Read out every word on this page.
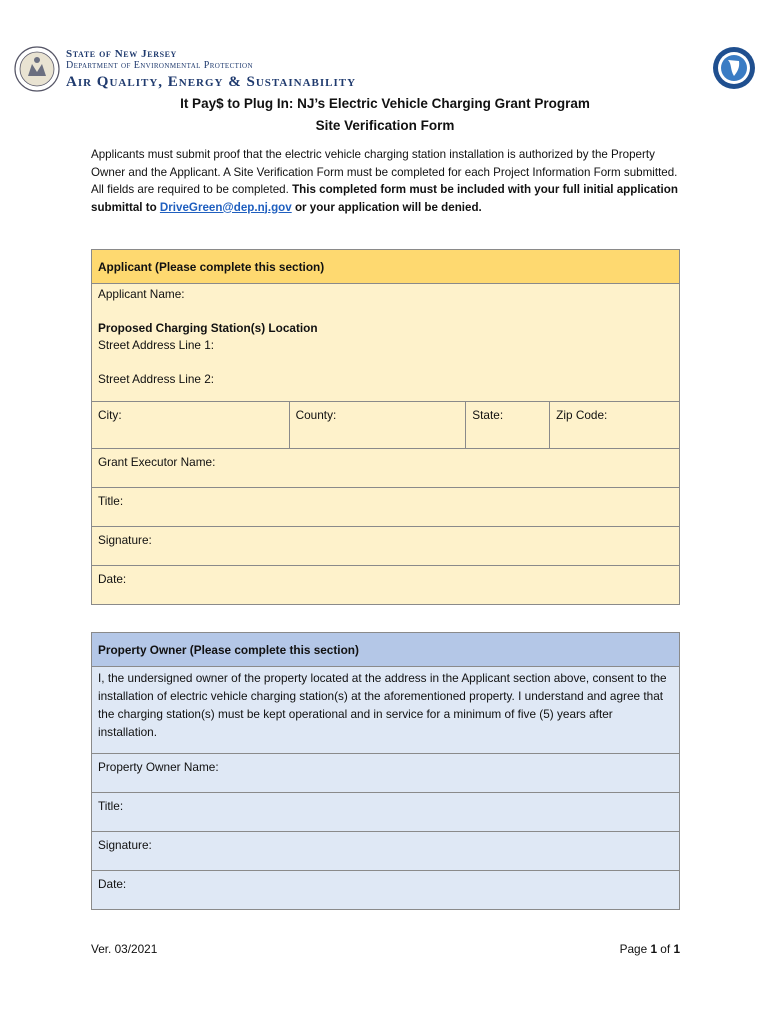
State of New Jersey
Department of Environmental Protection
Air Quality, Energy & Sustainability
It Pay$ to Plug In: NJ’s Electric Vehicle Charging Grant Program
Site Verification Form

Applicants must submit proof that the electric vehicle charging station installation is authorized by the Property Owner and the Applicant. A Site Verification Form must be completed for each Project Information Form submitted.

All fields are required to be completed. This completed form must be included with your full initial application submittal to DriveGreen@dep.nj.gov or your application will be denied.

Applicant (Please complete this section)

Applicant Name:
Proposed Charging Station(s) Location
Street Address Line 1:
Street Address Line 2:

City:	County:	State:	Zip Code:
Grant Executor Name:
Title:
Signature:
Date:
Property Owner (Please complete this section)
I, the undersigned owner of the property located at the address in the Applicant section above, consent to the installation of electric vehicle charging station(s) at the aforementioned property. I understand and agree that the charging station(s) must be kept operational and in service for a minimum of five (5) years after installation.
Property Owner Name:
Title:
Signature:
Date:
Ver. 03/2021	Page 1 of 1
